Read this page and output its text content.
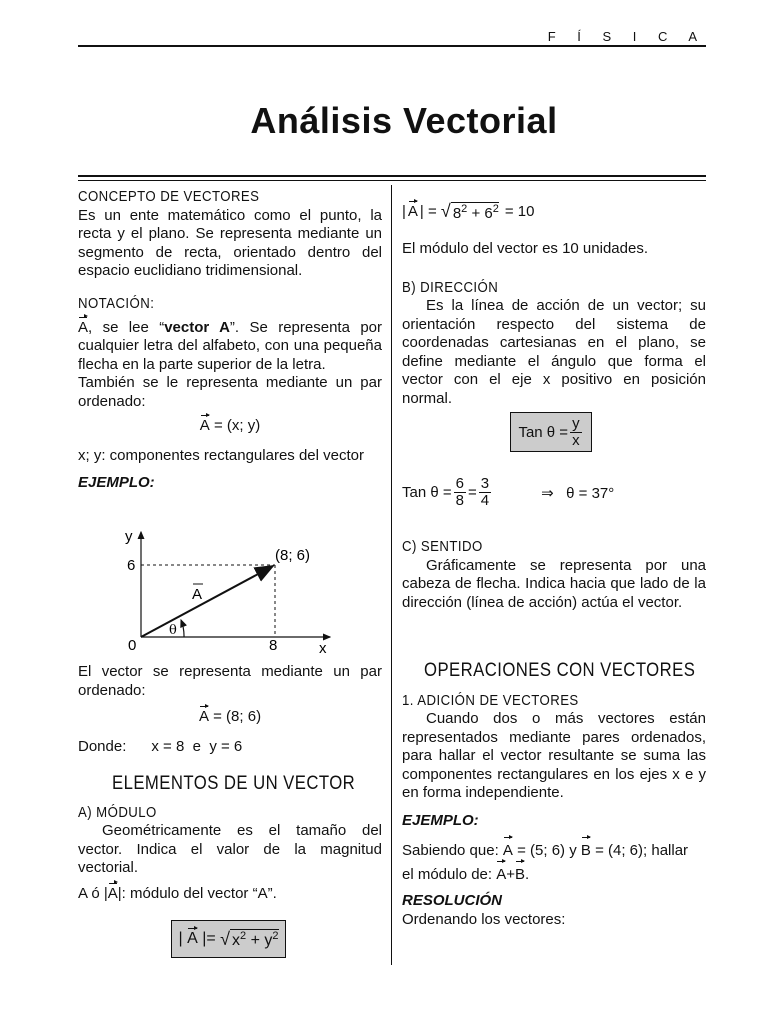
F Í S I C A
Análisis Vectorial
CONCEPTO DE VECTORES
Es un ente matemático como el punto, la recta y el plano. Se representa mediante un segmento de recta, orientado dentro del espacio euclidiano tridimensional.
NOTACIÓN:
A, se lee “vector A”. Se representa por cualquier letra del alfabeto, con una pequeña flecha en la parte superior de la letra.
También se le representa mediante un par ordenado:
A = (x; y)
x; y: componentes rectangulares del vector
EJEMPLO:
y
6
0	8	x
(8; 6)
A
θ
El vector se representa mediante un par ordenado:
A = (8; 6)
Donde:      x = 8  e  y = 6
ELEMENTOS DE UN VECTOR
A) MÓDULO
Geométricamente es el tamaño del vector. Indica el valor de la magnitud vectorial.
A ó |A|: módulo del vector “A”.
| A |= √ $x^2 + y^2$
| A | = √ $8^2 + 6^2 = 10$
El módulo del vector es 10 unidades.
B) DIRECCIÓN
Es la línea de acción de un vector; su orientación respecto del sistema de coordenadas cartesianas en el plano, se define mediante el ángulo que forma el vector con el eje x positivo en posición normal.
Tan $\theta = \frac{y}{x}$
Tan $\theta = \frac{6}{8} = \frac{3}{4}$	⇒   θ = 37°
C) SENTIDO
Gráficamente se representa por una cabeza de flecha. Indica hacia que lado de la dirección (línea de acción) actúa el vector.
OPERACIONES CON VECTORES
1. ADICIÓN DE VECTORES
Cuando dos o más vectores están representados mediante pares ordenados, para hallar el vector resultante se suma las componentes rectangulares en los ejes x e y en forma independiente.
EJEMPLO:
Sabiendo que: A = (5; 6) y B = (4; 6); hallar
el módulo de: A+B.
RESOLUCIÓN
Ordenando los vectores:
